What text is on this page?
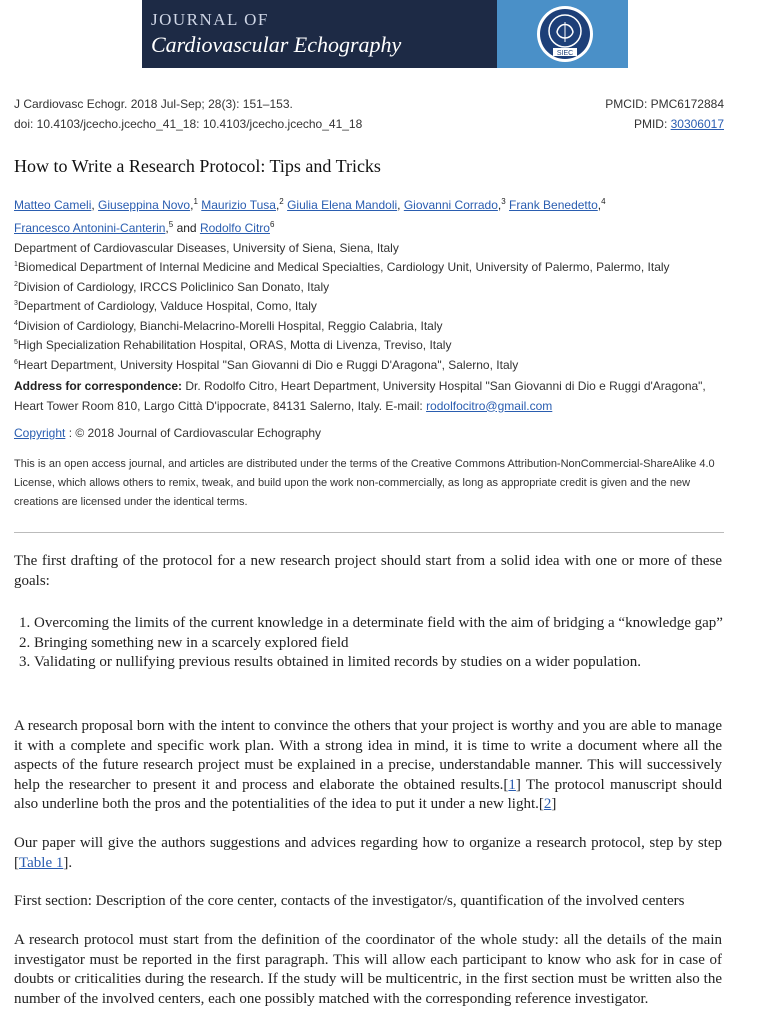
JOURNAL OF
Cardiovascular Echography	SIEC
J Cardiovasc Echogr. 2018 Jul-Sep; 28(3): 151–153.
doi: 10.4103/jcecho.jcecho_41_18: 10.4103/jcecho.jcecho_41_18
PMCID: PMC6172884
PMID: 30306017
How to Write a Research Protocol: Tips and Tricks
Matteo Cameli, Giuseppina Novo,$^1$ Maurizio Tusa,$^2$ Giulia Elena Mandoli, Giovanni Corrado,$^3$ Frank Benedetto,$^4$
Francesco Antonini-Canterin,$^5$ and Rodolfo Citro$^6$
Department of Cardiovascular Diseases, University of Siena, Siena, Italy
$^1$Biomedical Department of Internal Medicine and Medical Specialties, Cardiology Unit, University of Palermo, Palermo, Italy
$^2$Division of Cardiology, IRCCS Policlinico San Donato, Italy
$^3$Department of Cardiology, Valduce Hospital, Como, Italy
$^4$Division of Cardiology, Bianchi-Melacrino-Morelli Hospital, Reggio Calabria, Italy
$^5$High Specialization Rehabilitation Hospital, ORAS, Motta di Livenza, Treviso, Italy
$^6$Heart Department, University Hospital "San Giovanni di Dio e Ruggi D'Aragona", Salerno, Italy
Address for correspondence: Dr. Rodolfo Citro, Heart Department, University Hospital "San Giovanni di Dio e Ruggi d'Aragona", Heart Tower Room 810, Largo Città D'ippocrate, 84131 Salerno, Italy. E-mail: rodolfocitro@gmail.com
Copyright : © 2018 Journal of Cardiovascular Echography
This is an open access journal, and articles are distributed under the terms of the Creative Commons Attribution-NonCommercial-ShareAlike 4.0 License, which allows others to remix, tweak, and build upon the work non-commercially, as long as appropriate credit is given and the new creations are licensed under the identical terms.
The first drafting of the protocol for a new research project should start from a solid idea with one or more of these goals:
1. Overcoming the limits of the current knowledge in a determinate field with the aim of bridging a “knowledge gap”
2. Bringing something new in a scarcely explored field
3. Validating or nullifying previous results obtained in limited records by studies on a wider population.
A research proposal born with the intent to convince the others that your project is worthy and you are able to manage it with a complete and specific work plan. With a strong idea in mind, it is time to write a document where all the aspects of the future research project must be explained in a precise, understandable manner. This will successively help the researcher to present it and process and elaborate the obtained results.[1] The protocol manuscript should also underline both the pros and the potentialities of the idea to put it under a new light.[2]
Our paper will give the authors suggestions and advices regarding how to organize a research protocol, step by step [Table 1].
First section: Description of the core center, contacts of the investigator/s, quantification of the involved centers
A research protocol must start from the definition of the coordinator of the whole study: all the details of the main investigator must be reported in the first paragraph. This will allow each participant to know who ask for in case of doubts or criticalities during the research. If the study will be multicentric, in the first section must be written also the number of the involved centers, each one possibly matched with the corresponding reference investigator.
